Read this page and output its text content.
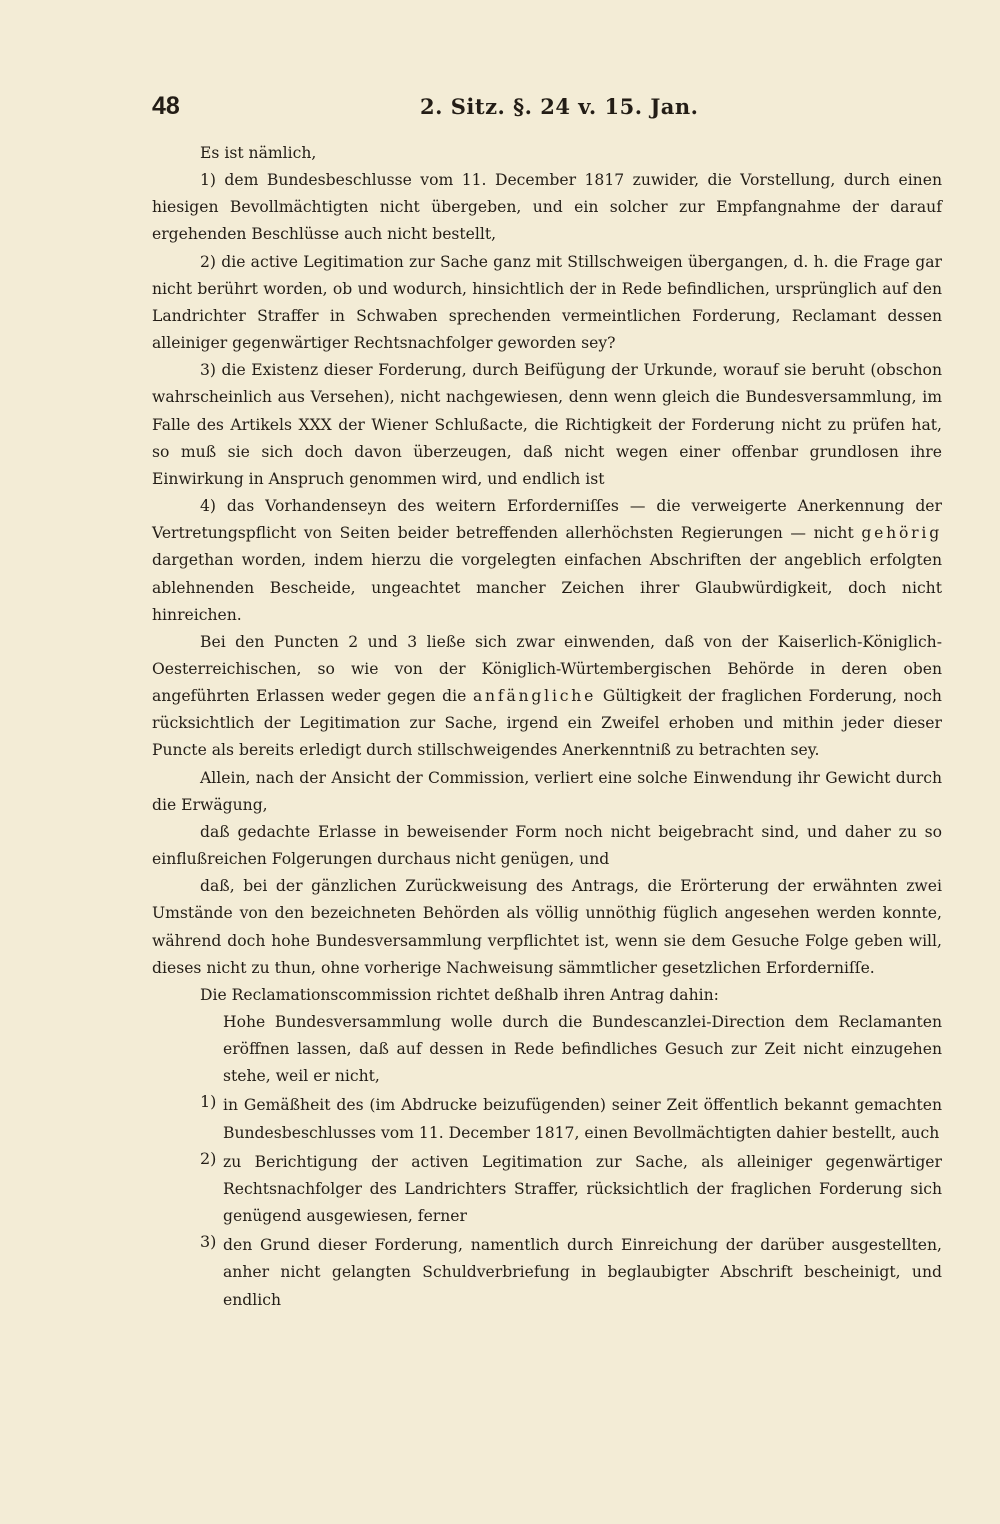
48	2. Sitz. §. 24 v. 15. Jan.

Es ist nämlich,

1) dem Bundesbeschlusse vom 11. December 1817 zuwider, die Vorstellung, durch einen hiesigen Bevollmächtigten nicht übergeben, und ein solcher zur Empfangnahme der darauf ergehenden Beschlüsse auch nicht bestellt,

2) die active Legitimation zur Sache ganz mit Stillschweigen übergangen, d. h. die Frage gar nicht berührt worden, ob und wodurch, hinsichtlich der in Rede befindlichen, ursprünglich auf den Landrichter Straffer in Schwaben sprechenden vermeintlichen Forderung, Reclamant dessen alleiniger gegenwärtiger Rechtsnachfolger geworden sey?

3) die Existenz dieser Forderung, durch Beifügung der Urkunde, worauf sie beruht (obschon wahrscheinlich aus Versehen), nicht nachgewiesen, denn wenn gleich die Bundesversammlung, im Falle des Artikels XXX der Wiener Schlußacte, die Richtigkeit der Forderung nicht zu prüfen hat, so muß sie sich doch davon überzeugen, daß nicht wegen einer offenbar grundlosen ihre Einwirkung in Anspruch genommen wird, und endlich ist

4) das Vorhandenseyn des weitern Erforderniſſes — die verweigerte Anerkennung der Vertretungspflicht von Seiten beider betreffenden allerhöchsten Regierungen — nicht gehörig dargethan worden, indem hierzu die vorgelegten einfachen Abschriften der angeblich erfolgten ablehnenden Bescheide, ungeachtet mancher Zeichen ihrer Glaubwürdigkeit, doch nicht hinreichen.

Bei den Puncten 2 und 3 ließe sich zwar einwenden, daß von der Kaiserlich-Königlich-Oesterreichischen, so wie von der Königlich-Würtembergischen Behörde in deren oben angeführten Erlassen weder gegen die anfängliche Gültigkeit der fraglichen Forderung, noch rücksichtlich der Legitimation zur Sache, irgend ein Zweifel erhoben und mithin jeder dieser Puncte als bereits erledigt durch stillschweigendes Anerkenntniß zu betrachten sey.

Allein, nach der Ansicht der Commission, verliert eine solche Einwendung ihr Gewicht durch die Erwägung,

daß gedachte Erlasse in beweisender Form noch nicht beigebracht sind, und daher zu so einflußreichen Folgerungen durchaus nicht genügen, und

daß, bei der gänzlichen Zurückweisung des Antrags, die Erörterung der erwähnten zwei Umstände von den bezeichneten Behörden als völlig unnöthig füglich angesehen werden konnte, während doch hohe Bundesversammlung verpflichtet ist, wenn sie dem Gesuche Folge geben will, dieses nicht zu thun, ohne vorherige Nachweisung sämmtlicher gesetzlichen Erforderniſſe.

Die Reclamationscommission richtet deßhalb ihren Antrag dahin:

Hohe Bundesversammlung wolle durch die Bundescanzlei-Direction dem Reclamanten eröffnen lassen, daß auf dessen in Rede befindliches Gesuch zur Zeit nicht einzugehen stehe, weil er nicht,

1) in Gemäßheit des (im Abdrucke beizufügenden) seiner Zeit öffentlich bekannt gemachten Bundesbeschlusses vom 11. December 1817, einen Bevollmächtigten dahier bestellt, auch

2) zu Berichtigung der activen Legitimation zur Sache, als alleiniger gegenwärtiger Rechtsnachfolger des Landrichters Straffer, rücksichtlich der fraglichen Forderung sich genügend ausgewiesen, ferner

3) den Grund dieser Forderung, namentlich durch Einreichung der darüber ausgestellten, anher nicht gelangten Schuldverbriefung in beglaubigter Abschrift bescheinigt, und endlich
